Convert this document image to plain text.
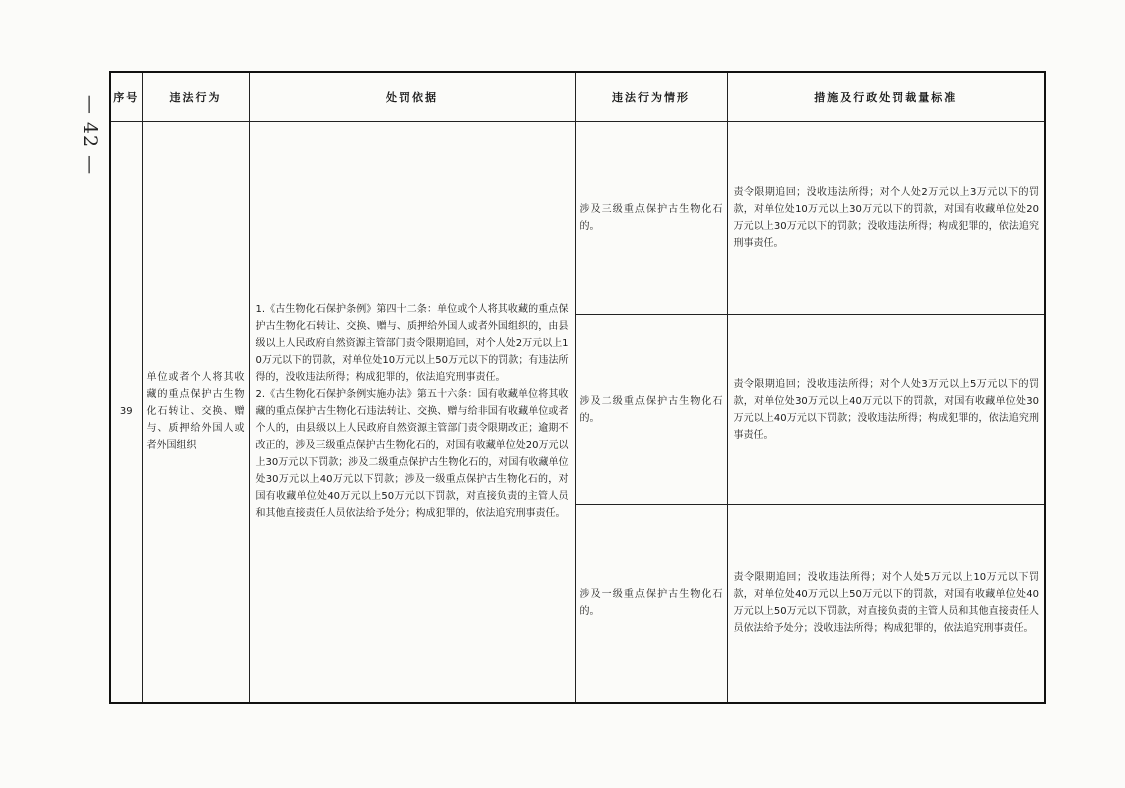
— 42 — 序号	违法行为	处罚依据	违法行为情形	措施及行政处罚裁量标准
39	单位或者个人将其收藏的重点保护古生物化石转让、交换、赠与、质押给外国人或者外国组织	1.《古生物化石保护条例》第四十二条：单位或个人将其收藏的重点保护古生物化石转让、交换、赠与、质押给外国人或者外国组织的，由县级以上人民政府自然资源主管部门责令限期追回，对个人处2万元以上10万元以下的罚款，对单位处10万元以上50万元以下的罚款；有违法所得的，没收违法所得；构成犯罪的，依法追究刑事责任。
2.《古生物化石保护条例实施办法》第五十六条：国有收藏单位将其收藏的重点保护古生物化石违法转让、交换、赠与给非国有收藏单位或者个人的，由县级以上人民政府自然资源主管部门责令限期改正；逾期不改正的，涉及三级重点保护古生物化石的，对国有收藏单位处20万元以上30万元以下罚款；涉及二级重点保护古生物化石的，对国有收藏单位处30万元以上40万元以下罚款；涉及一级重点保护古生物化石的，对国有收藏单位处40万元以上50万元以下罚款，对直接负责的主管人员和其他直接责任人员依法给予处分；构成犯罪的，依法追究刑事责任。	涉及三级重点保护古生物化石的。	责令限期追回；没收违法所得；对个人处2万元以上3万元以下的罚款，对单位处10万元以上30万元以下的罚款，对国有收藏单位处20万元以上30万元以下的罚款；没收违法所得；构成犯罪的，依法追究刑事责任。

			涉及二级重点保护古生物化石的。	责令限期追回；没收违法所得；对个人处3万元以上5万元以下的罚款，对单位处30万元以上40万元以下的罚款，对国有收藏单位处30万元以上40万元以下罚款；没收违法所得；构成犯罪的，依法追究刑事责任。

			涉及一级重点保护古生物化石的。	责令限期追回；没收违法所得；对个人处5万元以上10万元以下罚款，对单位处40万元以上50万元以下的罚款，对国有收藏单位处40万元以上50万元以下罚款，对直接负责的主管人员和其他直接责任人员依法给予处分；没收违法所得；构成犯罪的，依法追究刑事责任。
